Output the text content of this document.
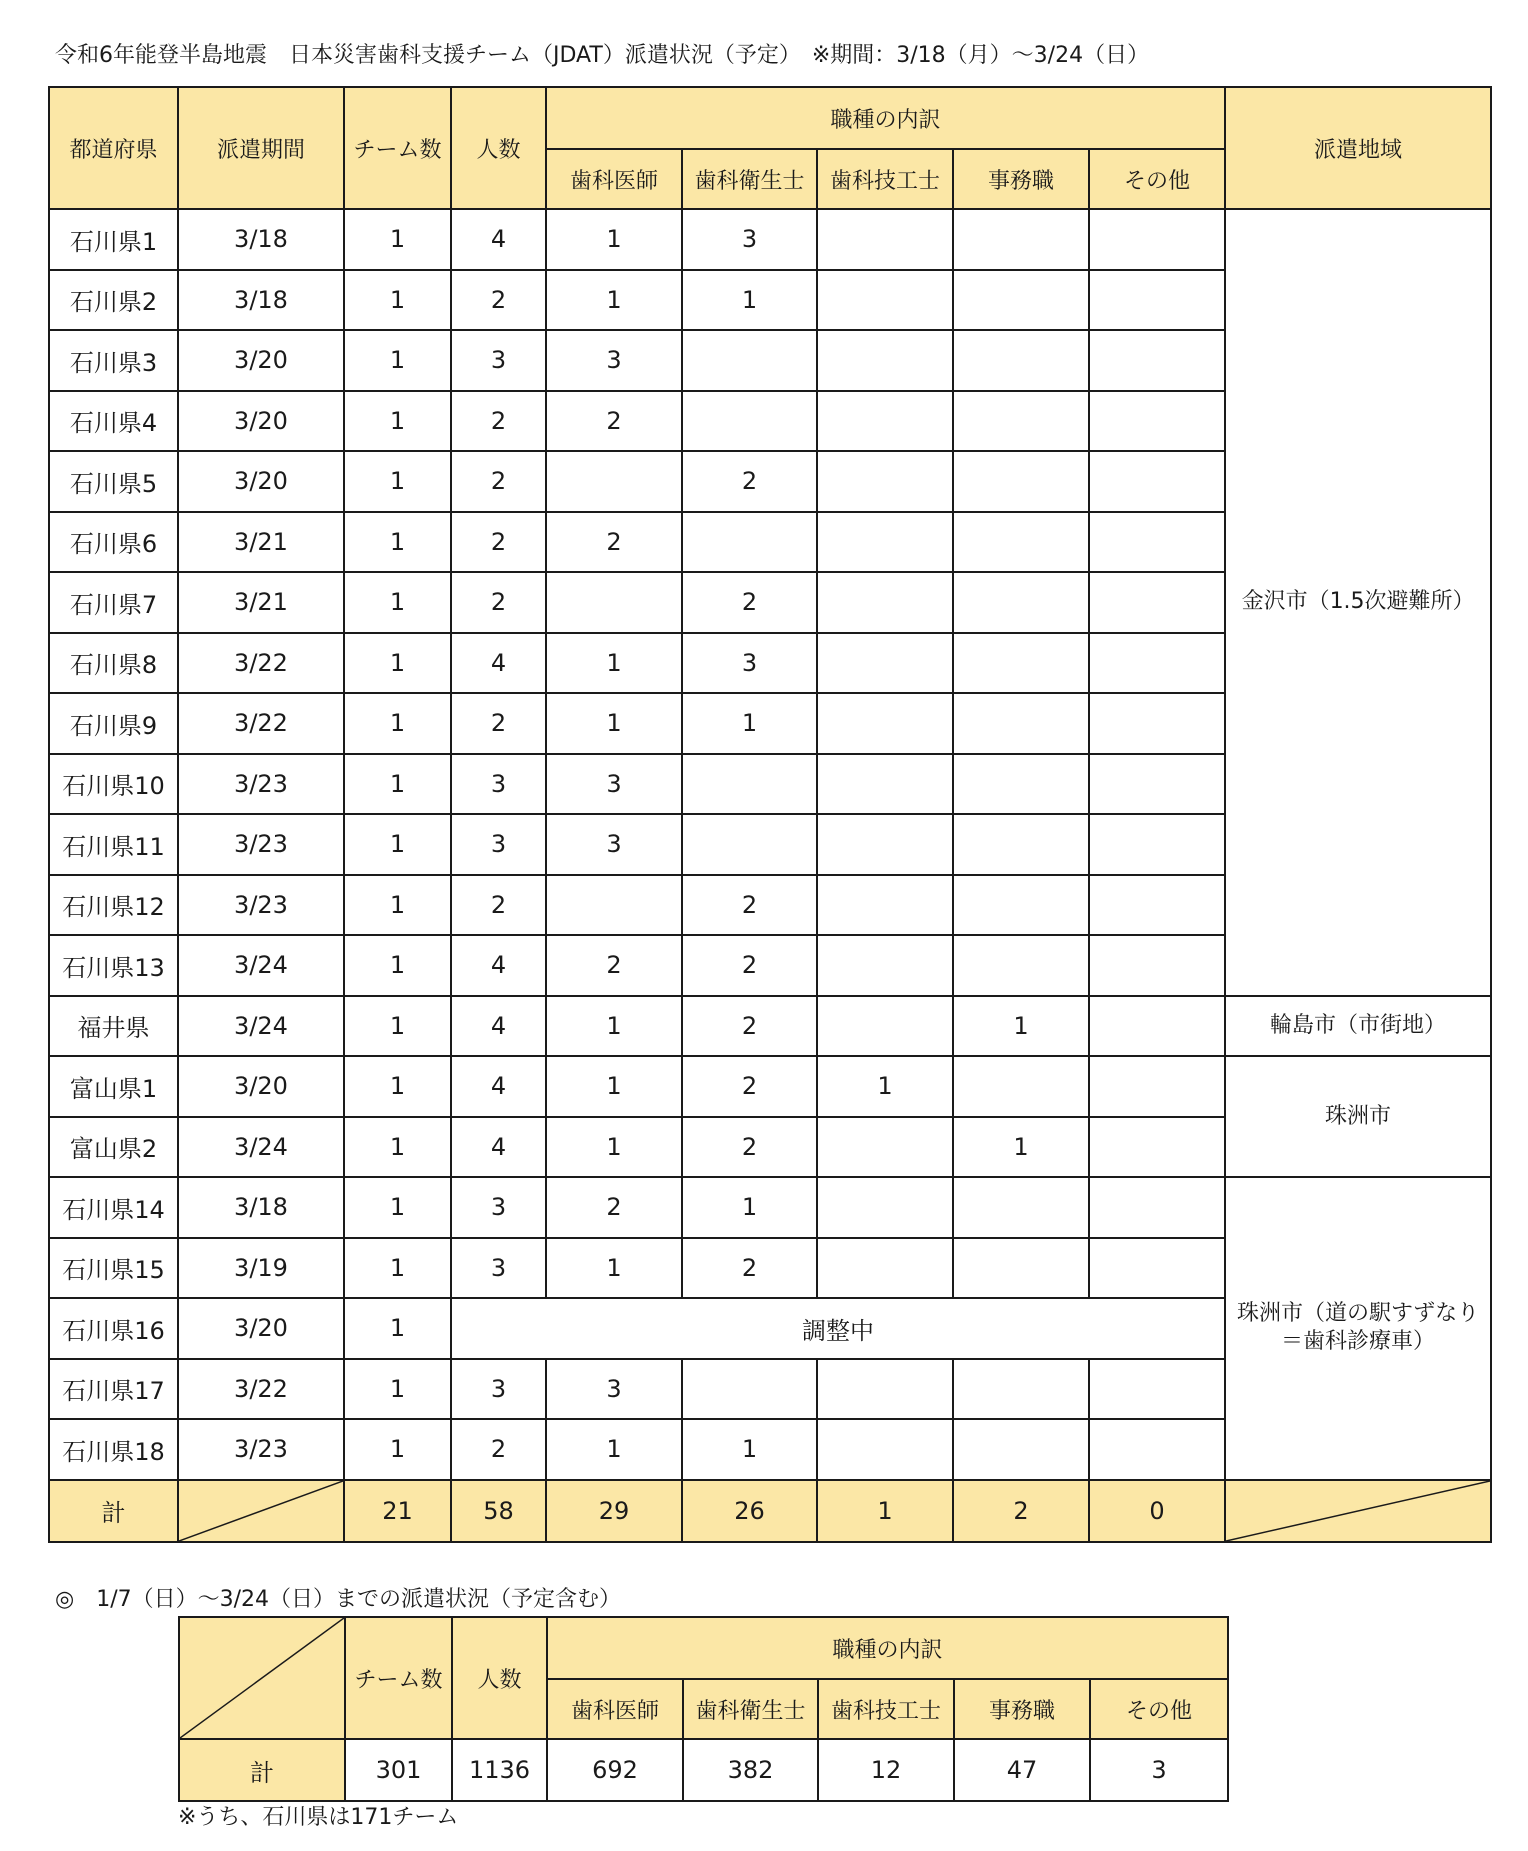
令和6年能登半島地震　日本災害歯科支援チーム（JDAT）派遣状況（予定）　※期間：3/18（月）～3/24（日）
都道府県	派遣期間	チーム数	人数	職種の内訳					派遣地域
				歯科医師	歯科衛生士	歯科技工士	事務職	その他	
石川県1	3/18	1	4	1	3				金沢市（1.5次避難所）
石川県2	3/18	1	2	1	1				
石川県3	3/20	1	3	3					
石川県4	3/20	1	2	2					
石川県5	3/20	1	2		2				
石川県6	3/21	1	2	2					
石川県7	3/21	1	2		2				
石川県8	3/22	1	4	1	3				
石川県9	3/22	1	2	1	1				
石川県10	3/23	1	3	3					
石川県11	3/23	1	3	3					
石川県12	3/23	1	2		2				
石川県13	3/24	1	4	2	2				
福井県	3/24	1	4	1	2		1		輪島市（市街地）
富山県1	3/20	1	4	1	2	1			珠洲市
富山県2	3/24	1	4	1	2		1		
石川県14	3/18	1	3	2	1				珠洲市（道の駅すずなり
＝歯科診療車）
石川県15	3/19	1	3	1	2				
石川県16	3/20	1	調整中						
石川県17	3/22	1	3	3					
石川県18	3/23	1	2	1	1				
計		21	58	29	26	1	2	0	
◎　1/7（日）～3/24（日）までの派遣状況（予定含む）
	チーム数	人数	職種の内訳				
			歯科医師	歯科衛生士	歯科技工士	事務職	その他
計	301	1136	692	382	12	47	3
※うち、石川県は171チーム
